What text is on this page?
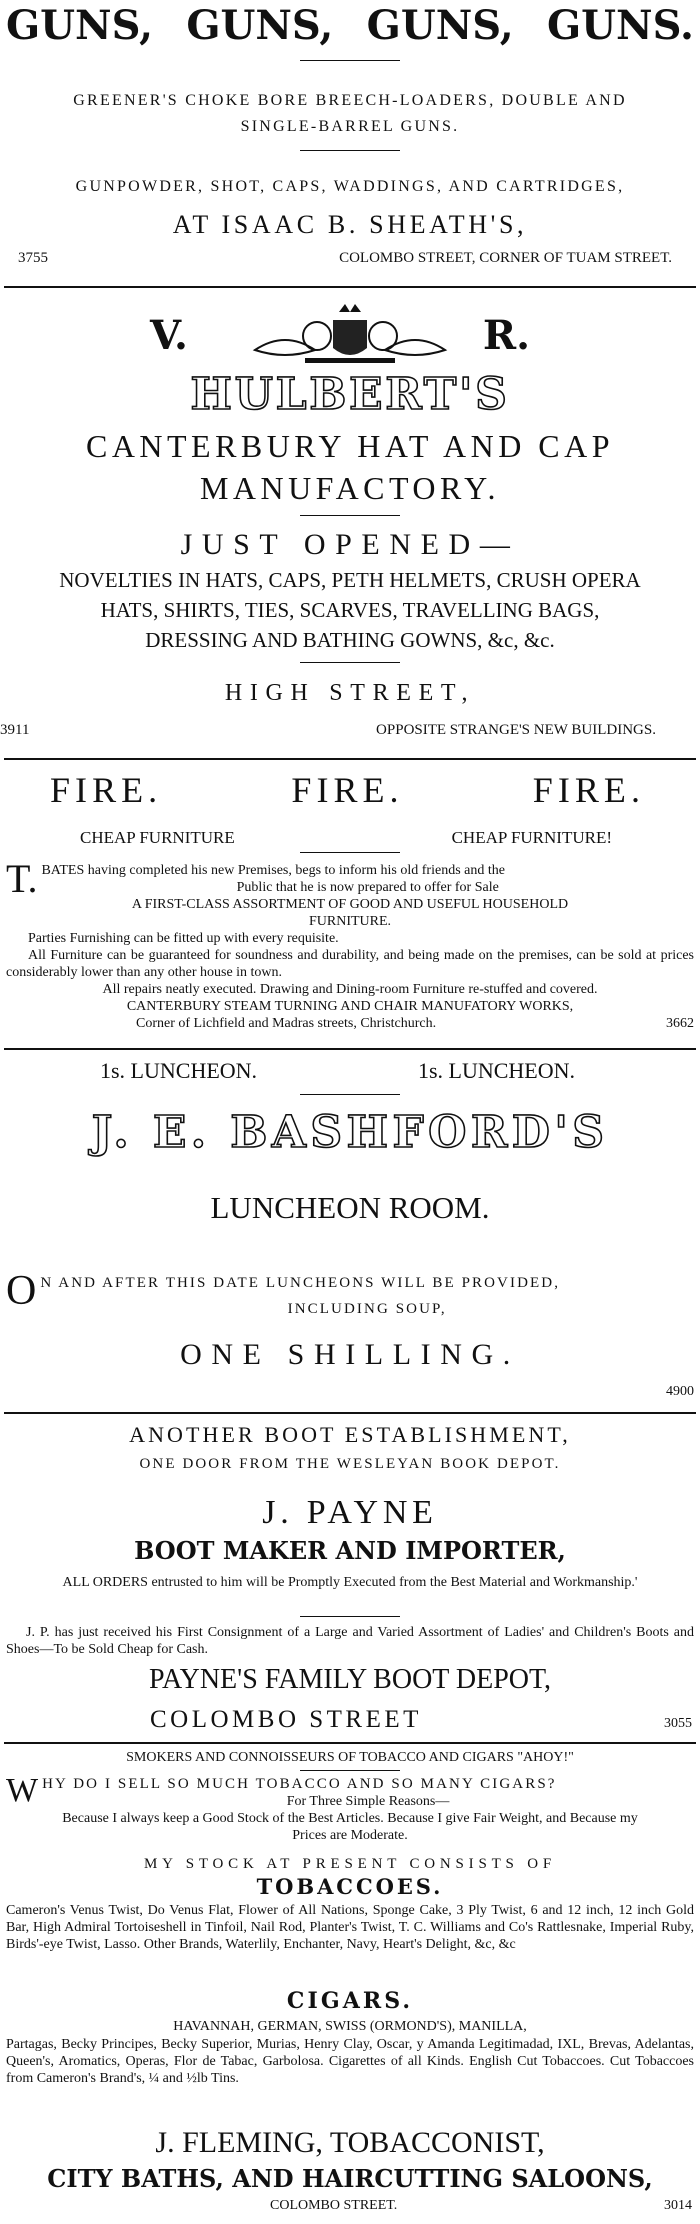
GUNS, GUNS, GUNS, GUNS.
GREENER'S CHOKE BORE BREECH-LOADERS, DOUBLE AND
SINGLE-BARREL GUNS.
GUNPOWDER, SHOT, CAPS, WADDINGS, AND CARTRIDGES,
AT ISAAC B. SHEATH'S,
3755	COLOMBO STREET, CORNER OF TUAM STREET.
V.	R.
HULBERT'S
CANTERBURY HAT AND CAP
MANUFACTORY.
JUST OPENED—
NOVELTIES IN HATS, CAPS, PETH HELMETS, CRUSH OPERA
HATS, SHIRTS, TIES, SCARVES, TRAVELLING BAGS,
DRESSING AND BATHING GOWNS, &c, &c.
HIGH STREET,
3911	OPPOSITE STRANGE'S NEW BUILDINGS.
FIRE.	FIRE.	FIRE.
CHEAP FURNITURE	CHEAP FURNITURE!
T. BATES having completed his new Premises, begs to inform his old friends and the
Public that he is now prepared to offer for Sale
A FIRST-CLASS ASSORTMENT OF GOOD AND USEFUL HOUSEHOLD
FURNITURE.
Parties Furnishing can be fitted up with every requisite.
All Furniture can be guaranteed for soundness and durability, and being made on the premises, can be sold at prices considerably lower than any other house in town.
All repairs neatly executed. Drawing and Dining-room Furniture re-stuffed and covered.
CANTERBURY STEAM TURNING AND CHAIR MANUFATORY WORKS,
Corner of Lichfield and Madras streets, Christchurch.	3662
1s. LUNCHEON.	1s. LUNCHEON.
J. E. BASHFORD'S
LUNCHEON ROOM.
O N AND AFTER THIS DATE LUNCHEONS WILL BE PROVIDED,
INCLUDING SOUP,
ONE SHILLING.
4900
ANOTHER BOOT ESTABLISHMENT,
ONE DOOR FROM THE WESLEYAN BOOK DEPOT.
J. PAYNE
BOOT MAKER AND IMPORTER,
ALL ORDERS entrusted to him will be Promptly Executed from the Best Material and Workmanship.'
J. P. has just received his First Consignment of a Large and Varied Assortment of Ladies' and Children's Boots and Shoes—To be Sold Cheap for Cash.
PAYNE'S FAMILY BOOT DEPOT,
COLOMBO STREET	3055
SMOKERS AND CONNOISSEURS OF TOBACCO AND CIGARS "AHOY!"
W HY DO I SELL SO MUCH TOBACCO AND SO MANY CIGARS?
For Three Simple Reasons—
Because I always keep a Good Stock of the Best Articles. Because I give Fair Weight, and Because my Prices are Moderate.
MY STOCK AT PRESENT CONSISTS OF
TOBACCOES.
Cameron's Venus Twist, Do Venus Flat, Flower of All Nations, Sponge Cake, 3 Ply Twist, 6 and 12 inch, 12 inch Gold Bar, High Admiral Tortoiseshell in Tinfoil, Nail Rod, Planter's Twist, T. C. Williams and Co's Rattlesnake, Imperial Ruby, Birds'-eye Twist, Lasso. Other Brands, Waterlily, Enchanter, Navy, Heart's Delight, &c, &c
CIGARS.
HAVANNAH, GERMAN, SWISS (ORMOND'S), MANILLA,
Partagas, Becky Principes, Becky Superior, Murias, Henry Clay, Oscar, y Amanda Legitimadad, IXL, Brevas, Adelantas, Queen's, Aromatics, Operas, Flor de Tabac, Garbolosa. Cigarettes of all Kinds. English Cut Tobaccoes. Cut Tobaccoes from Cameron's Brand's, ¼ and ½lb Tins.
J. FLEMING, TOBACCONIST,
CITY BATHS, AND HAIRCUTTING SALOONS,
COLOMBO STREET.	3014
